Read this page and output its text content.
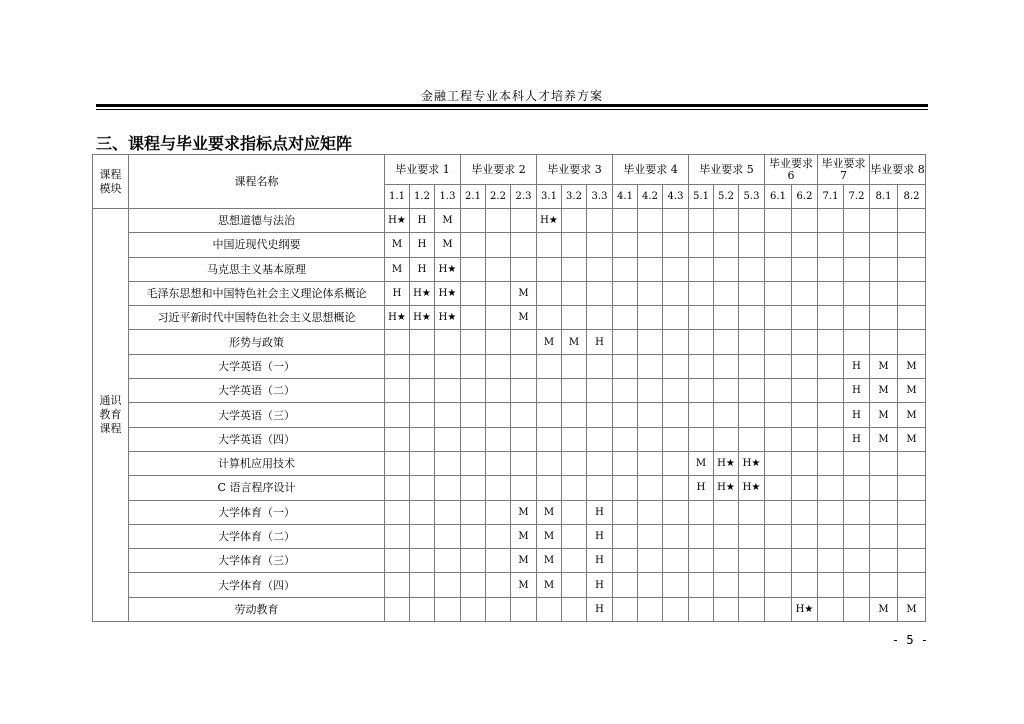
金融工程专业本科人才培养方案
三、课程与毕业要求指标点对应矩阵
课程
模块	课程名称	毕业要求 1			毕业要求 2			毕业要求 3			毕业要求 4			毕业要求 5			毕业要求 6		毕业要求 7		毕业要求 8	
		1.1	1.2	1.3	2.1	2.2	2.3	3.1	3.2	3.3	4.1	4.2	4.3	5.1	5.2	5.3	6.1	6.2	7.1	7.2	8.1	8.2
通识
教育
课程	思想道德与法治	H★	H	M				H★														
	中国近现代史纲要	M	H	M																		
	马克思主义基本原理	M	H	H★																		
	毛泽东思想和中国特色社会主义理论体系概论	H	H★	H★			M															
	习近平新时代中国特色社会主义思想概论	H★	H★	H★			M															
	形势与政策							M	M	H												
	大学英语（一）																			H	M	M
	大学英语（二）																			H	M	M
	大学英语（三）																			H	M	M
	大学英语（四）																			H	M	M
	计算机应用技术													M	H★	H★						
	C 语言程序设计													H	H★	H★						
	大学体育（一）						M	M		H												
	大学体育（二）						M	M		H												
	大学体育（三）						M	M		H												
	大学体育（四）						M	M		H												
	劳动教育									H								H★			M	M
- 5 -
